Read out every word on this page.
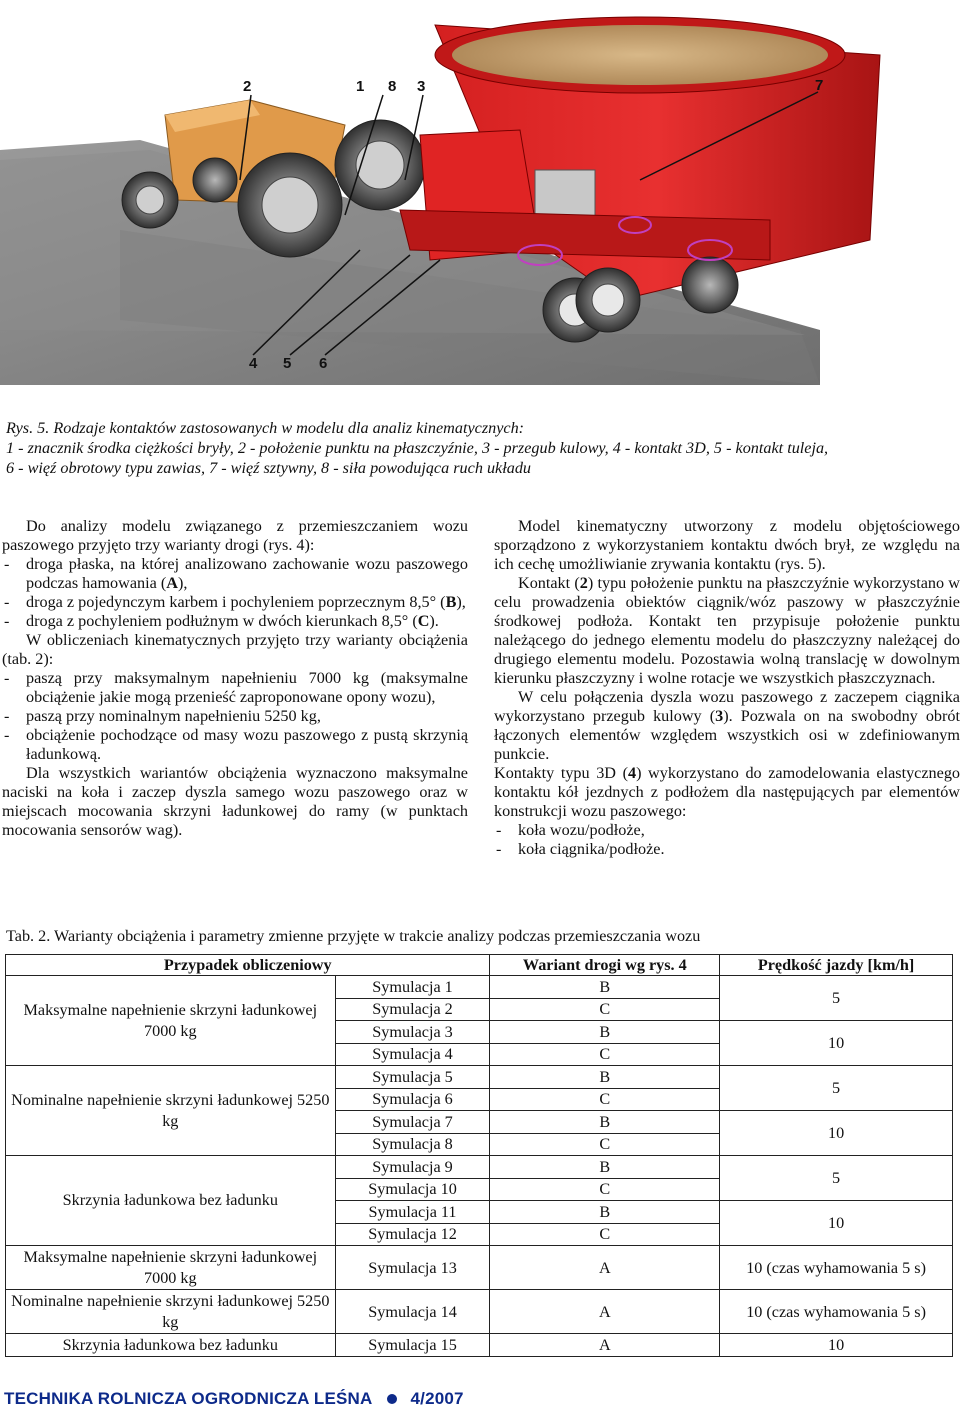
2	1 8 3	7
4 5 6
Rys. 5. Rodzaje kontaktów zastosowanych w modelu dla analiz kinematycznych:
1 - znacznik środka ciężkości bryły, 2 - położenie punktu na płaszczyźnie, 3 - przegub kulowy, 4 - kontakt 3D, 5 - kontakt tuleja,
6 - więź obrotowy typu zawias, 7 - więź sztywny, 8 - siła powodująca ruch układu
Do analizy modelu związanego z przemieszczaniem wozu paszowego przyjęto trzy warianty drogi (rys. 4):
- droga płaska, na której analizowano zachowanie wozu paszowego podczas hamowania (A),
- droga z pojedynczym karbem i pochyleniem poprzecznym 8,5° (B),
- droga z pochyleniem podłużnym w dwóch kierunkach 8,5° (C).
W obliczeniach kinematycznych przyjęto trzy warianty obciążenia (tab. 2):
- paszą przy maksymalnym napełnieniu 7000 kg (maksymalne obciążenie jakie mogą przenieść zaproponowane opony wozu),
- paszą przy nominalnym napełnieniu 5250 kg,
- obciążenie pochodzące od masy wozu paszowego z pustą skrzynią ładunkową.
Dla wszystkich wariantów obciążenia wyznaczono maksymalne naciski na koła i zaczep dyszla samego wozu paszowego oraz w miejscach mocowania skrzyni ładunkowej do ramy (w punktach mocowania sensorów wag).
Model kinematyczny utworzony z modelu objętościowego sporządzono z wykorzystaniem kontaktu dwóch brył, ze względu na ich cechę umożliwianie zrywania kontaktu (rys. 5).
Kontakt (2) typu położenie punktu na płaszczyźnie wykorzystano w celu prowadzenia obiektów ciągnik/wóz paszowy w płaszczyźnie środkowej podłoża. Kontakt ten przypisuje położenie punktu należącego do jednego elementu modelu do płaszczyzny należącej do drugiego elementu modelu. Pozostawia wolną translację w dowolnym kierunku płaszczyzny i wolne rotacje we wszystkich płaszczyznach.
W celu połączenia dyszla wozu paszowego z zaczepem ciągnika wykorzystano przegub kulowy (3). Pozwala on na swobodny obrót łączonych elementów względem wszystkich osi w zdefiniowanym punkcie.
Kontakty typu 3D (4) wykorzystano do zamodelowania elastycznego kontaktu kół jezdnych z podłożem dla następujących par elementów konstrukcji wozu paszowego:
- koła wozu/podłoże,
- koła ciągnika/podłoże.
Tab. 2. Warianty obciążenia i parametry zmienne przyjęte w trakcie analizy podczas przemieszczania wozu
Przypadek obliczeniowy		Wariant drogi wg rys. 4	Prędkość jazdy [km/h]
Maksymalne napełnienie skrzyni ładunkowej 7000 kg	Symulacja 1	B	5
	Symulacja 2	C	
	Symulacja 3	B	10
	Symulacja 4	C	
Nominalne napełnienie skrzyni ładunkowej 5250 kg	Symulacja 5	B	5
	Symulacja 6	C	
	Symulacja 7	B	10
	Symulacja 8	C	
Skrzynia ładunkowa bez ładunku	Symulacja 9	B	5
	Symulacja 10	C	
	Symulacja 11	B	10
	Symulacja 12	C	
Maksymalne napełnienie skrzyni ładunkowej 7000 kg	Symulacja 13	A	10 (czas wyhamowania 5 s)
Nominalne napełnienie skrzyni ładunkowej 5250 kg	Symulacja 14	A	10 (czas wyhamowania 5 s)
Skrzynia ładunkowa bez ładunku	Symulacja 15	A	10
TECHNIKA ROLNICZA OGRODNICZA LEŚNA 4/2007
